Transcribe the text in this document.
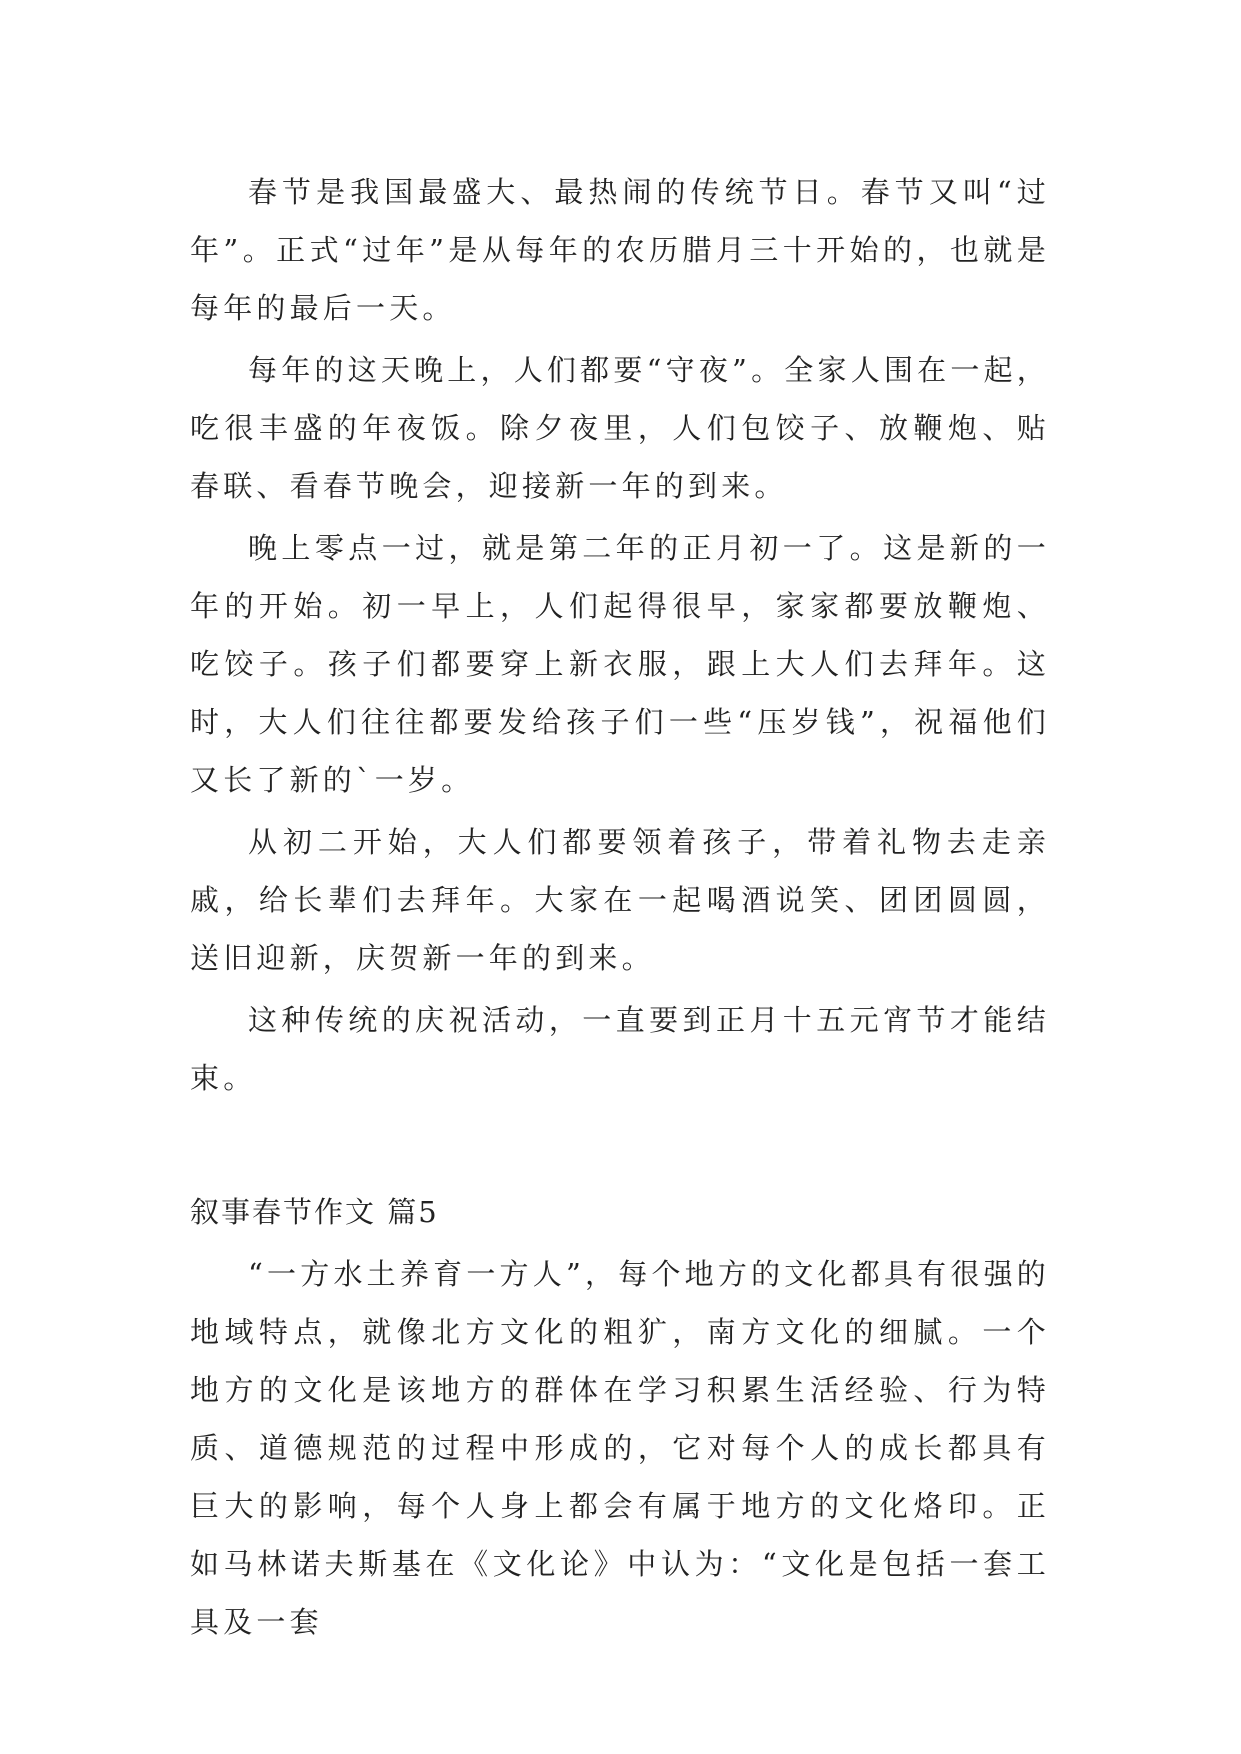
春节是我国最盛大、最热闹的传统节日。春节又叫“过年”。正式“过年”是从每年的农历腊月三十开始的，也就是每年的最后一天。

每年的这天晚上，人们都要“守夜”。全家人围在一起，吃很丰盛的年夜饭。除夕夜里，人们包饺子、放鞭炮、贴春联、看春节晚会，迎接新一年的到来。

晚上零点一过，就是第二年的正月初一了。这是新的一年的开始。初一早上，人们起得很早，家家都要放鞭炮、吃饺子。孩子们都要穿上新衣服，跟上大人们去拜年。这时，大人们往往都要发给孩子们一些“压岁钱”，祝福他们又长了新的`一岁。

从初二开始，大人们都要领着孩子，带着礼物去走亲戚，给长辈们去拜年。大家在一起喝酒说笑、团团圆圆，送旧迎新，庆贺新一年的到来。

这种传统的庆祝活动，一直要到正月十五元宵节才能结束。

叙事春节作文 篇5

“一方水土养育一方人”，每个地方的文化都具有很强的地域特点，就像北方文化的粗犷，南方文化的细腻。一个地方的文化是该地方的群体在学习积累生活经验、行为特质、道德规范的过程中形成的，它对每个人的成长都具有巨大的影响，每个人身上都会有属于地方的文化烙印。正如马林诺夫斯基在《文化论》中认为：“文化是包括一套工具及一套
